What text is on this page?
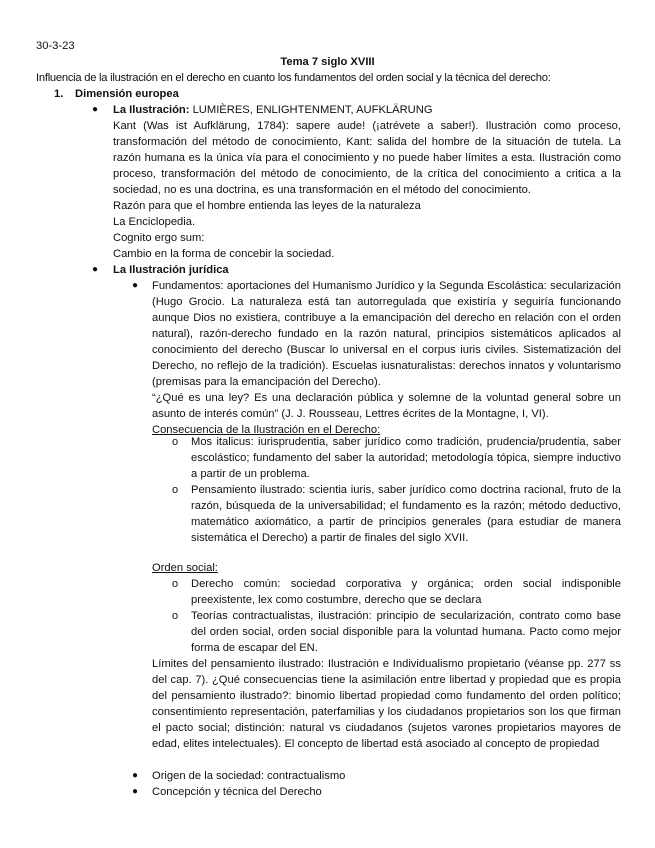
30-3-23
Tema 7 siglo XVIII
Influencia de la ilustración en el derecho en cuanto los fundamentos del orden social y la técnica del derecho:
1. Dimensión europea
● La Ilustración: LUMIÈRES, ENLIGHTENMENT, AUFKLÄRUNG

Kant (Was ist Aufklärung, 1784): sapere aude! (¡atrévete a saber!). Ilustración como proceso, transformación del método de conocimiento, Kant: salida del hombre de la situación de tutela. La razón humana es la única vía para el conocimiento y no puede haber límites a esta. Ilustración como proceso, transformación del método de conocimiento, de la crítica del conocimiento a critica a la sociedad, no es una doctrina, es una transformación en el método del conocimiento.

Razón para que el hombre entienda las leyes de la naturaleza

La Enciclopedia.

Cognito ergo sum:

Cambio en la forma de concebir la sociedad.

● La Ilustración jurídica
● Fundamentos: aportaciones del Humanismo Jurídico y la Segunda Escolástica: secularización (Hugo Grocio. La naturaleza está tan autorregulada que existiría y seguiría funcionando aunque Dios no existiera, contribuye a la emancipación del derecho en relación con el orden natural), razón-derecho fundado en la razón natural, principios sistemáticos aplicados al conocimiento del derecho (Buscar lo universal en el corpus iuris civiles. Sistematización del Derecho, no reflejo de la tradición). Escuelas iusnaturalistas: derechos innatos y voluntarismo (premisas para la emancipación del Derecho).

“¿Qué es una ley? Es una declaración pública y solemne de la voluntad general sobre un asunto de interés común” (J. J. Rousseau, Lettres écrites de la Montagne, I, VI).

Consecuencia de la Ilustración en el Derecho:

o Mos italicus: iurisprudentia, saber jurídico como tradición, prudencia/prudentia, saber escolástico; fundamento del saber la autoridad; metodología tópica, siempre inductivo a partir de un problema.
o Pensamiento ilustrado: scientia iuris, saber jurídico como doctrina racional, fruto de la razón, búsqueda de la universabilidad; el fundamento es la razón; método deductivo, matemático axiomático, a partir de principios generales (para estudiar de manera sistemática el Derecho) a partir de finales del siglo XVII.
Orden social:
o Derecho común: sociedad corporativa y orgánica; orden social indisponible preexistente, lex como costumbre, derecho que se declara
o Teorías contractualistas, ilustración: principio de secularización, contrato como base del orden social, orden social disponible para la voluntad humana. Pacto como mejor forma de escapar del EN.
Límites del pensamiento ilustrado: Ilustración e Individualismo propietario (véanse pp. 277 ss del cap. 7). ¿Qué consecuencias tiene la asimilación entre libertad y propiedad que es propia del pensamiento ilustrado?: binomio libertad propiedad como fundamento del orden político; consentimiento representación, paterfamilias y los ciudadanos propietarios son los que firman el pacto social; distinción: natural vs ciudadanos (sujetos varones propietarios mayores de edad, elites intelectuales). El concepto de libertad está asociado al concepto de propiedad
● Origen de la sociedad: contractualismo
● Concepción y técnica del Derecho
